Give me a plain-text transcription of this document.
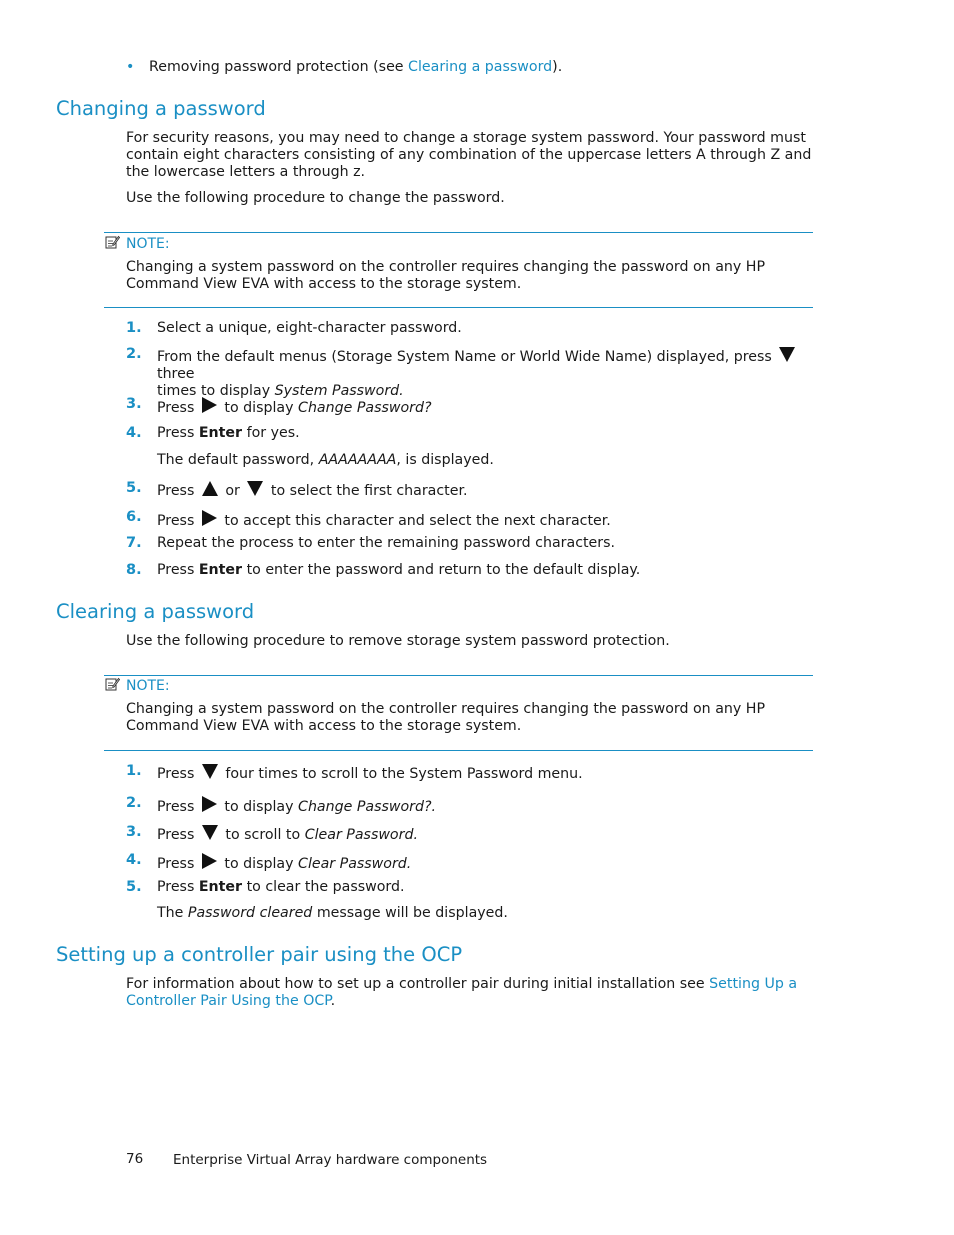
• Removing password protection (see Clearing a password).
Changing a password

For security reasons, you may need to change a storage system password. Your password must contain eight characters consisting of any combination of the uppercase letters A through Z and the lowercase letters a through z.

Use the following procedure to change the password.

NOTE:

Changing a system password on the controller requires changing the password on any HP Command View EVA with access to the storage system.

1. Select a unique, eight-character password.
2. From the default menus (Storage System Name or World Wide Name) displayed, press  three
times to display System Password.
3. Press to display Change Password?
4. Press Enter for yes.
The default password, AAAAAAAA, is displayed.
5. Press or to select the first character.
6. Press to accept this character and select the next character.
7. Repeat the process to enter the remaining password characters.
8. Press Enter to enter the password and return to the default display.
Clearing a password

Use the following procedure to remove storage system password protection.

NOTE:

Changing a system password on the controller requires changing the password on any HP Command View EVA with access to the storage system.

1. Press four times to scroll to the System Password menu.
2. Press to display Change Password?.
3. Press to scroll to Clear Password.
4. Press to display Clear Password.
5. Press Enter to clear the password.
The Password cleared message will be displayed.
Setting up a controller pair using the OCP

For information about how to set up a controller pair during initial installation see Setting Up a Controller Pair Using the OCP.

76 Enterprise Virtual Array hardware components
